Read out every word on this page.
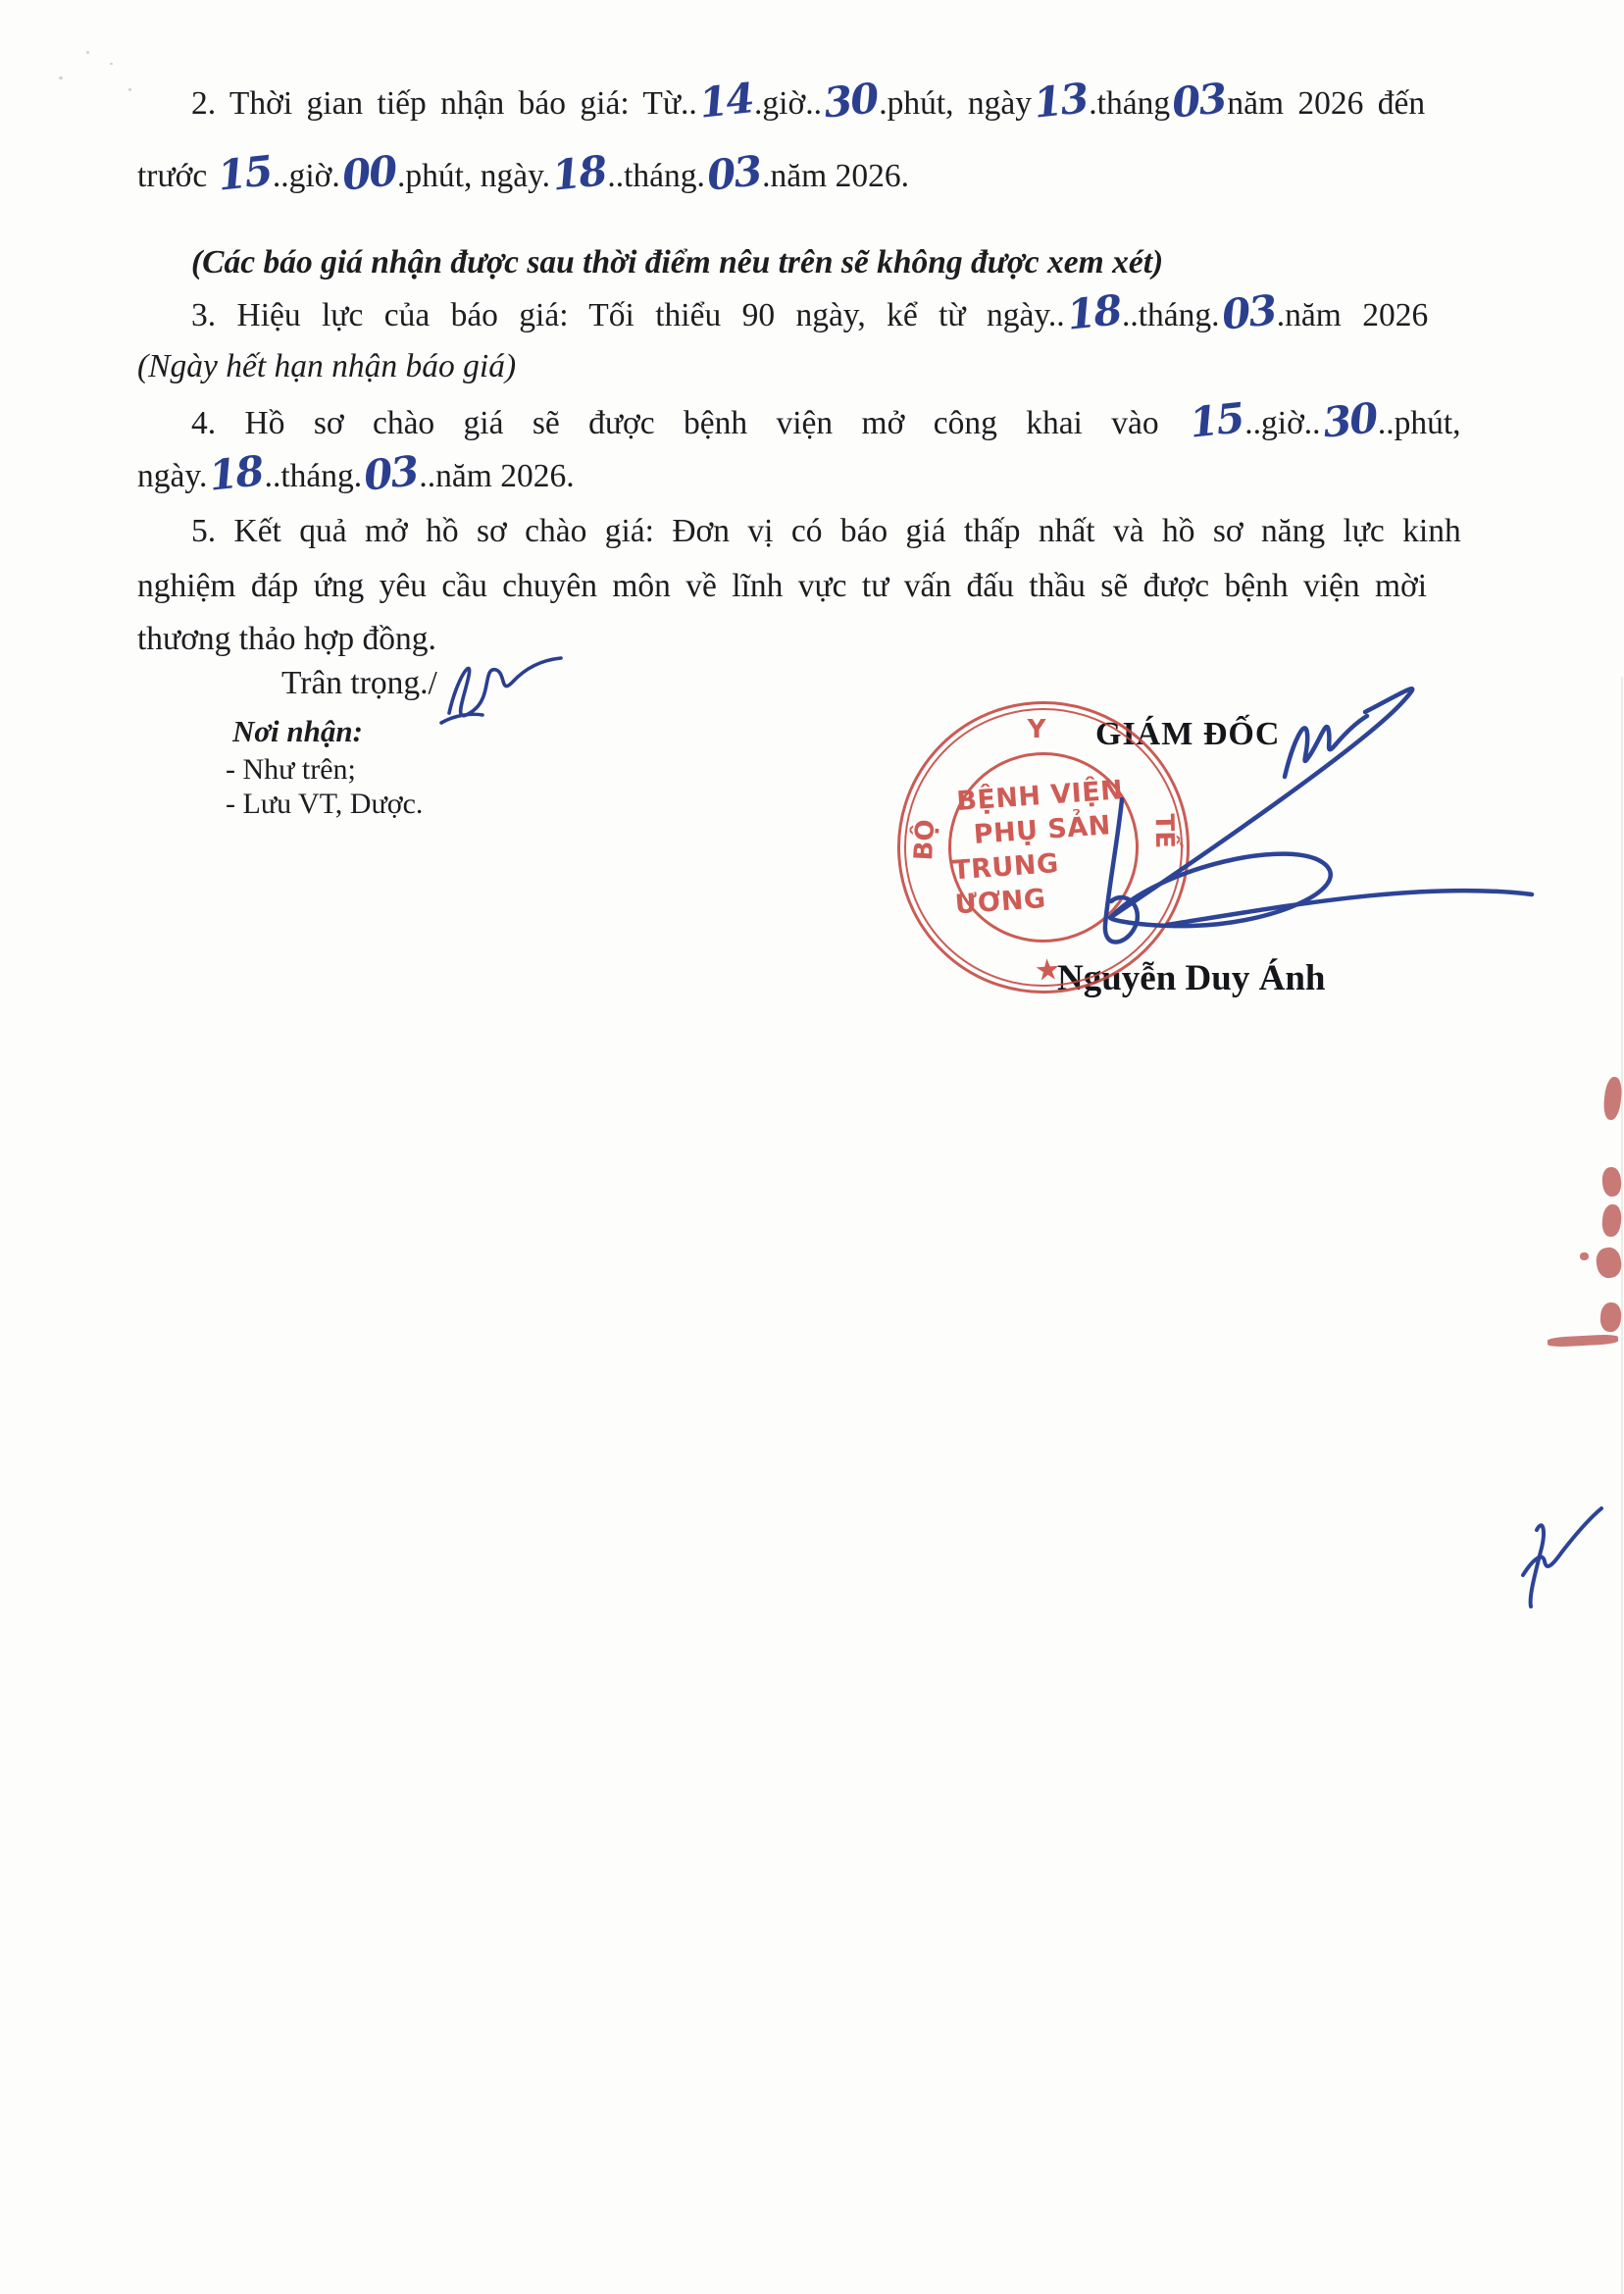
2. Thời gian tiếp nhận báo giá: Từ..14.giờ..30.phút, ngày13.tháng03năm 2026 đến
trước 15..giờ.00.phút, ngày.18..tháng.03.năm 2026.
(Các báo giá nhận được sau thời điểm nêu trên sẽ không được xem xét)
3. Hiệu lực của báo giá: Tối thiểu 90 ngày, kể từ ngày..18..tháng.03.năm 2026
(Ngày hết hạn nhận báo giá)
4. Hồ sơ chào giá sẽ được bệnh viện mở công khai vào 15..giờ..30..phút,
ngày.18..tháng.03..năm 2026.
5. Kết quả mở hồ sơ chào giá: Đơn vị có báo giá thấp nhất và hồ sơ năng lực kinh
nghiệm đáp ứng yêu cầu chuyên môn về lĩnh vực tư vấn đấu thầu sẽ được bệnh viện mời
thương thảo hợp đồng.
Trân trọng./
Nơi nhận:
- Như trên;
- Lưu VT, Dược.
GIÁM ĐỐC
Nguyễn Duy Ánh
Y
BỘ	TẾ
★
BỆNH VIỆN
PHỤ SẢN
TRUNG ƯƠNG
